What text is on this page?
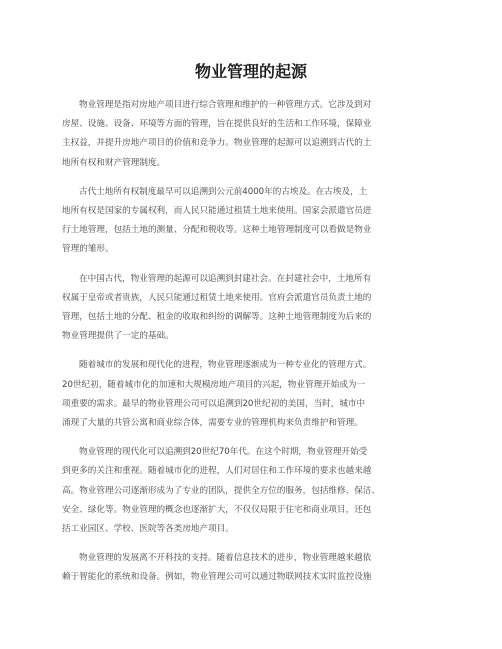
物业管理的起源

物业管理是指对房地产项目进行综合管理和维护的一种管理方式。它涉及到对
房屋、设施、设备、环境等方面的管理，旨在提供良好的生活和工作环境，保障业
主权益，并提升房地产项目的价值和竞争力。物业管理的起源可以追溯到古代的土
地所有权和财产管理制度。

古代土地所有权制度最早可以追溯到公元前4000年的古埃及。在古埃及，土
地所有权是国家的专属权利，而人民只能通过租赁土地来使用。国家会派遣官员进
行土地管理，包括土地的测量、分配和税收等。这种土地管理制度可以看做是物业
管理的雏形。

在中国古代，物业管理的起源可以追溯到封建社会。在封建社会中，土地所有
权属于皇帝或者贵族，人民只能通过租赁土地来使用。官府会派遣官员负责土地的
管理，包括土地的分配、租金的收取和纠纷的调解等。这种土地管理制度为后来的
物业管理提供了一定的基础。

随着城市的发展和现代化的进程，物业管理逐渐成为一种专业化的管理方式。
20世纪初，随着城市化的加速和大规模房地产项目的兴起，物业管理开始成为一
项重要的需求。最早的物业管理公司可以追溯到20世纪初的美国，当时，城市中
涌现了大量的共管公寓和商业综合体，需要专业的管理机构来负责维护和管理。

物业管理的现代化可以追溯到20世纪70年代。在这个时期，物业管理开始受
到更多的关注和重视。随着城市化的进程，人们对居住和工作环境的要求也越来越
高。物业管理公司逐渐形成为了专业的团队，提供全方位的服务，包括维修、保洁、
安全、绿化等。物业管理的概念也逐渐扩大，不仅仅局限于住宅和商业项目，还包
括工业园区、学校、医院等各类房地产项目。

物业管理的发展离不开科技的支持。随着信息技术的进步，物业管理越来越依
赖于智能化的系统和设备。例如，物业管理公司可以通过物联网技术实时监控设施
